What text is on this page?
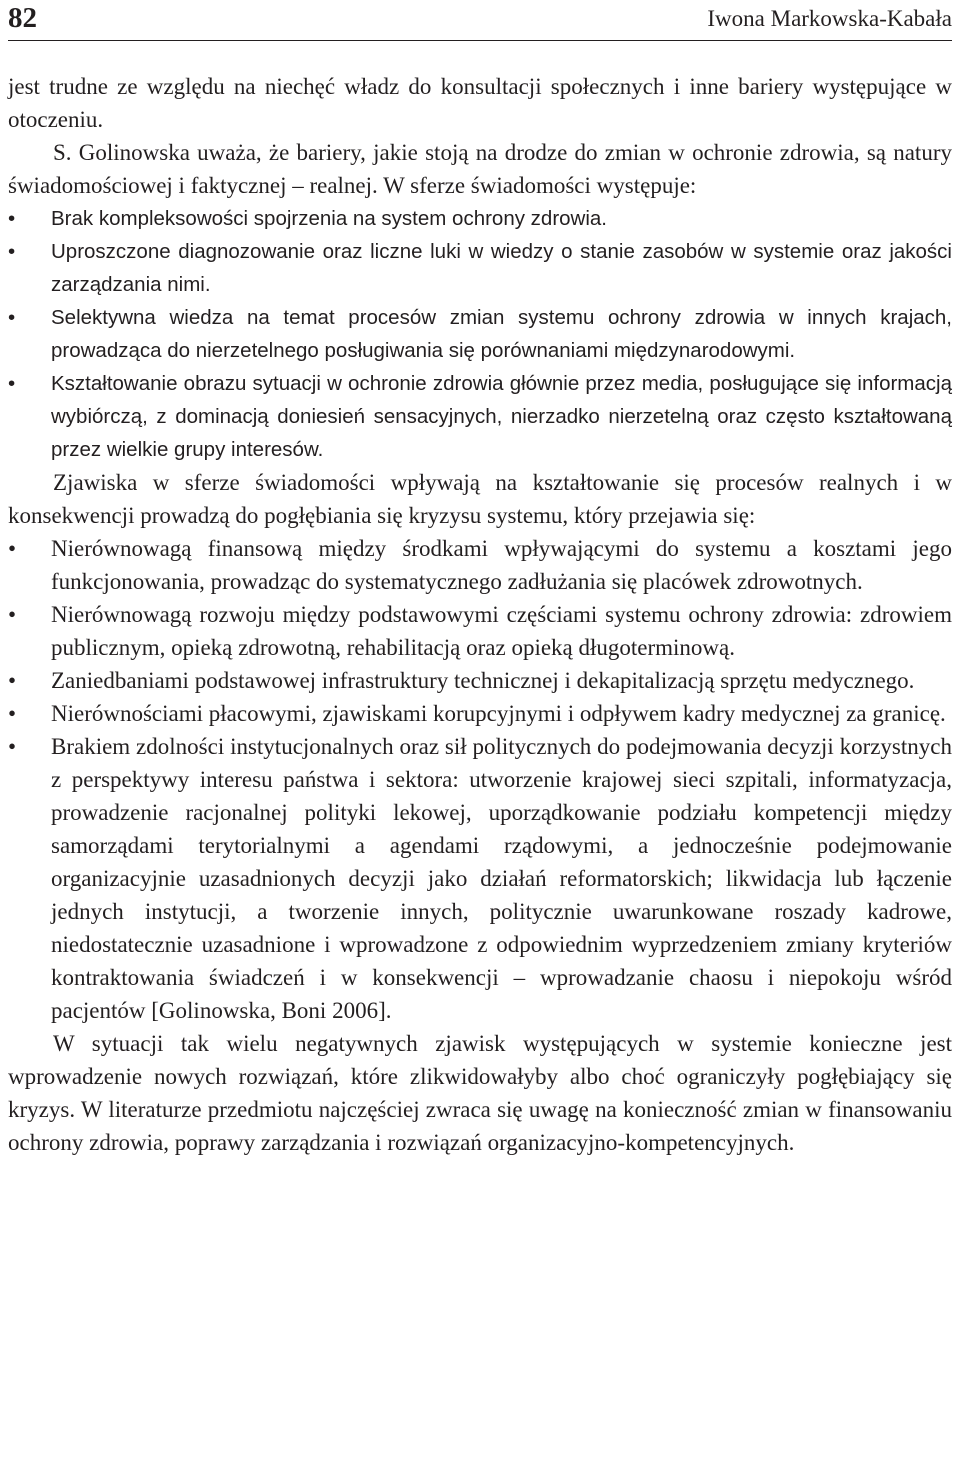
82	Iwona Markowska-Kabała

jest trudne ze względu na niechęć władz do konsultacji społecznych i inne bariery występujące w otoczeniu.

S. Golinowska uważa, że bariery, jakie stoją na drodze do zmian w ochronie zdrowia, są natury świadomościowej i faktycznej – realnej. W sferze świadomości występuje:

• Brak kompleksowości spojrzenia na system ochrony zdrowia.
• Uproszczone diagnozowanie oraz liczne luki w wiedzy o stanie zasobów w systemie oraz jakości zarządzania nimi.
• Selektywna wiedza na temat procesów zmian systemu ochrony zdrowia w innych krajach, prowadząca do nierzetelnego posługiwania się porównaniami międzynarodowymi.
• Kształtowanie obrazu sytuacji w ochronie zdrowia głównie przez media, posługujące się informacją wybiórczą, z dominacją doniesień sensacyjnych, nierzadko nierzetelną oraz często kształtowaną przez wielkie grupy interesów.

Zjawiska w sferze świadomości wpływają na kształtowanie się procesów realnych i w konsekwencji prowadzą do pogłębiania się kryzysu systemu, który przejawia się:

• Nierównowagą finansową między środkami wpływającymi do systemu a kosztami jego funkcjonowania, prowadząc do systematycznego zadłużania się placówek zdrowotnych.
• Nierównowagą rozwoju między podstawowymi częściami systemu ochrony zdrowia: zdrowiem publicznym, opieką zdrowotną, rehabilitacją oraz opieką długoterminową.
• Zaniedbaniami podstawowej infrastruktury technicznej i dekapitalizacją sprzętu medycznego.
• Nierównościami płacowymi, zjawiskami korupcyjnymi i odpływem kadry medycznej za granicę.
• Brakiem zdolności instytucjonalnych oraz sił politycznych do podejmowania decyzji korzystnych z perspektywy interesu państwa i sektora: utworzenie krajowej sieci szpitali, informatyzacja, prowadzenie racjonalnej polityki lekowej, uporządkowanie podziału kompetencji między samorządami terytorialnymi a agendami rządowymi, a jednocześnie podejmowanie organizacyjnie uzasadnionych decyzji jako działań reformatorskich; likwidacja lub łączenie jednych instytucji, a tworzenie innych, politycznie uwarunkowane roszady kadrowe, niedostatecznie uzasadnione i wprowadzone z odpowiednim wyprzedzeniem zmiany kryteriów kontraktowania świadczeń i w konsekwencji – wprowadzanie chaosu i niepokoju wśród pacjentów [Golinowska, Boni 2006].

W sytuacji tak wielu negatywnych zjawisk występujących w systemie konieczne jest wprowadzenie nowych rozwiązań, które zlikwidowałyby albo choć ograniczyły pogłębiający się kryzys. W literaturze przedmiotu najczęściej zwraca się uwagę na konieczność zmian w finansowaniu ochrony zdrowia, poprawy zarządzania i rozwiązań organizacyjno-kompetencyjnych.
